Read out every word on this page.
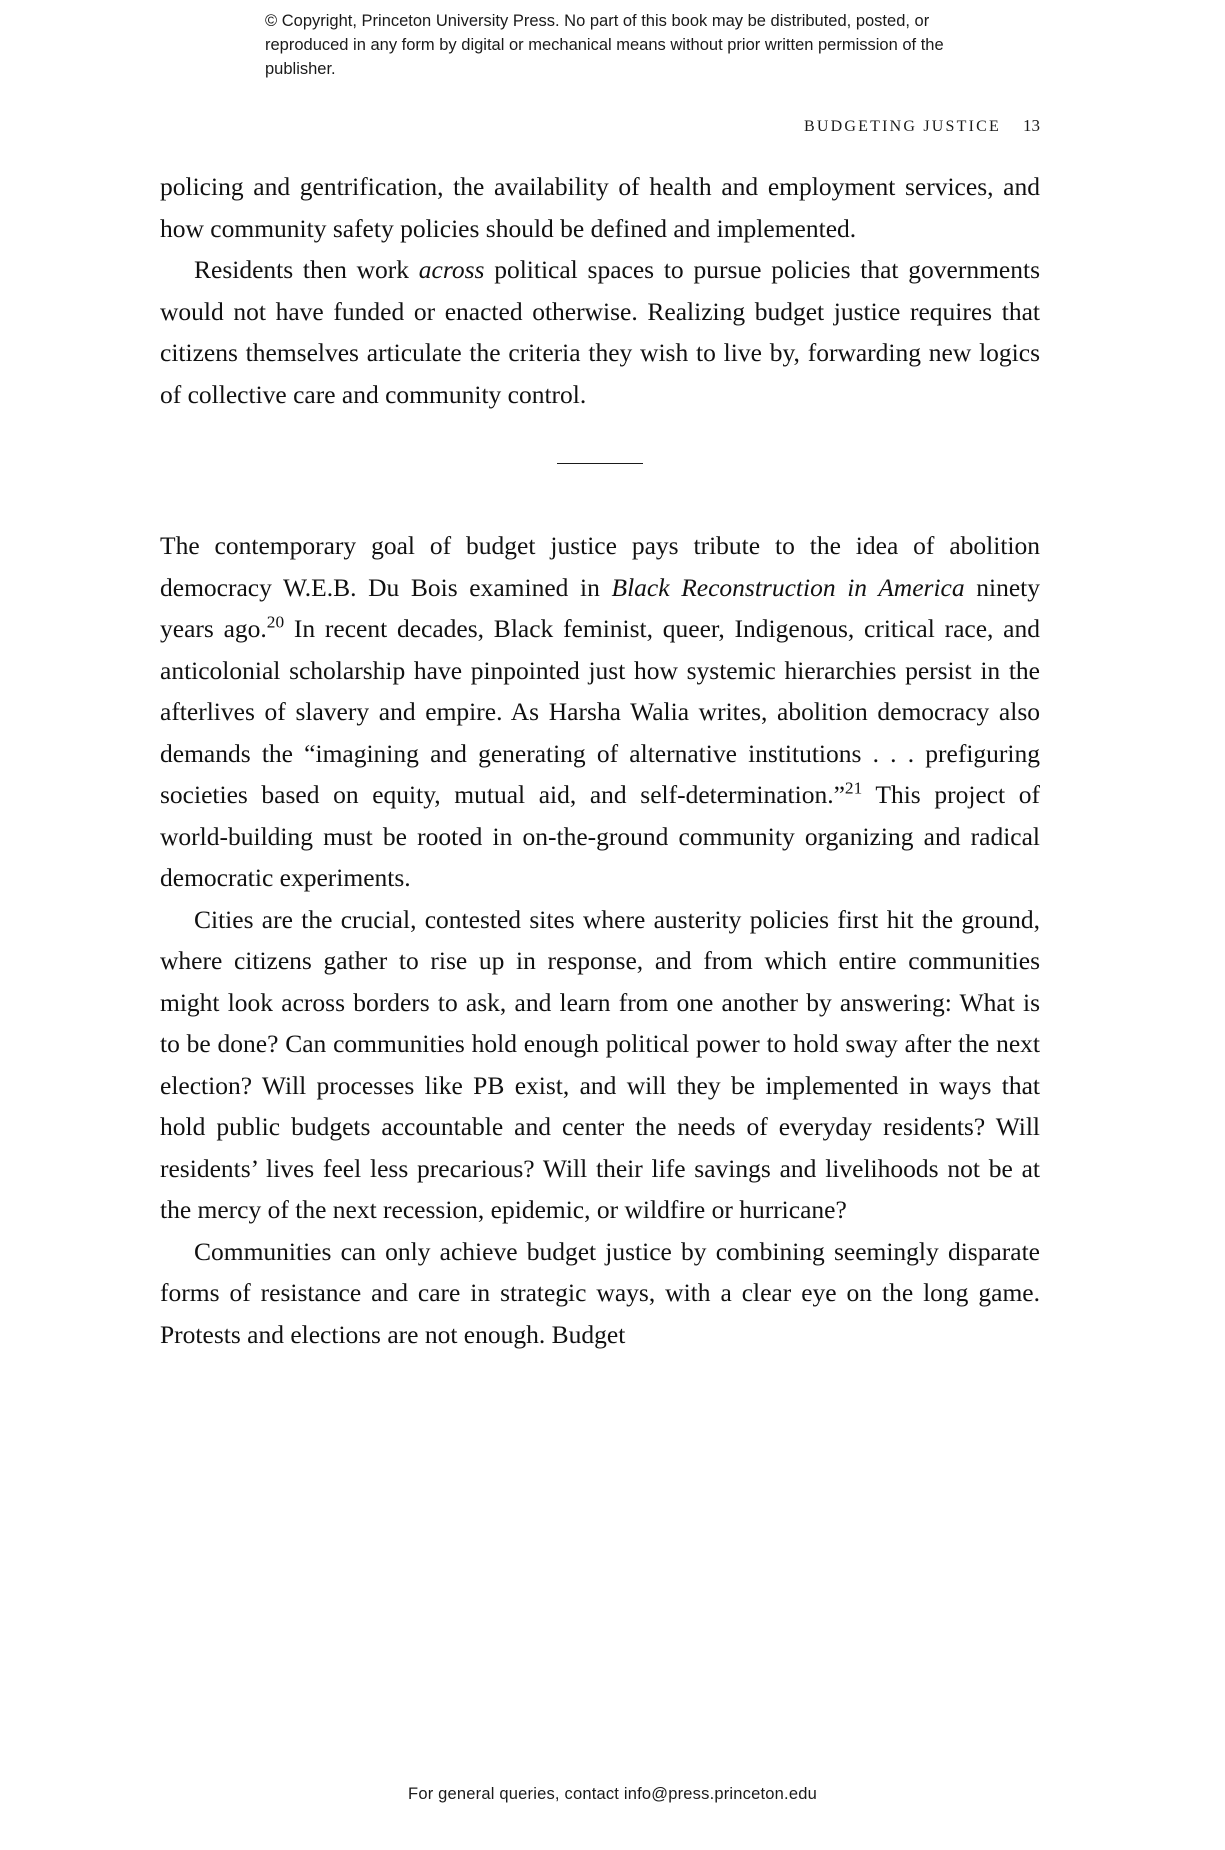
© Copyright, Princeton University Press. No part of this book may be distributed, posted, or reproduced in any form by digital or mechanical means without prior written permission of the publisher.
BUDGETING JUSTICE 13

policing and gentrification, the availability of health and employment services, and how community safety policies should be defined and implemented.

Residents then work across political spaces to pursue policies that governments would not have funded or enacted otherwise. Realizing budget justice requires that citizens themselves articulate the criteria they wish to live by, forwarding new logics of collective care and community control.

The contemporary goal of budget justice pays tribute to the idea of abolition democracy W.E.B. Du Bois examined in Black Reconstruction in America ninety years ago.$^{20}$ In recent decades, Black feminist, queer, Indigenous, critical race, and anticolonial scholarship have pinpointed just how systemic hierarchies persist in the afterlives of slavery and empire. As Harsha Walia writes, abolition democracy also demands the “imagining and generating of alternative institutions . . . prefiguring societies based on equity, mutual aid, and self-determination.”$^{21}$ This project of world-building must be rooted in on-the-ground community organizing and radical democratic experiments.

Cities are the crucial, contested sites where austerity policies first hit the ground, where citizens gather to rise up in response, and from which entire communities might look across borders to ask, and learn from one another by answering: What is to be done? Can communities hold enough political power to hold sway after the next election? Will processes like PB exist, and will they be implemented in ways that hold public budgets accountable and center the needs of everyday residents? Will residents’ lives feel less precarious? Will their life savings and livelihoods not be at the mercy of the next recession, epidemic, or wildfire or hurricane?

Communities can only achieve budget justice by combining seemingly disparate forms of resistance and care in strategic ways, with a clear eye on the long game. Protests and elections are not enough. Budget

For general queries, contact info@press.princeton.edu
